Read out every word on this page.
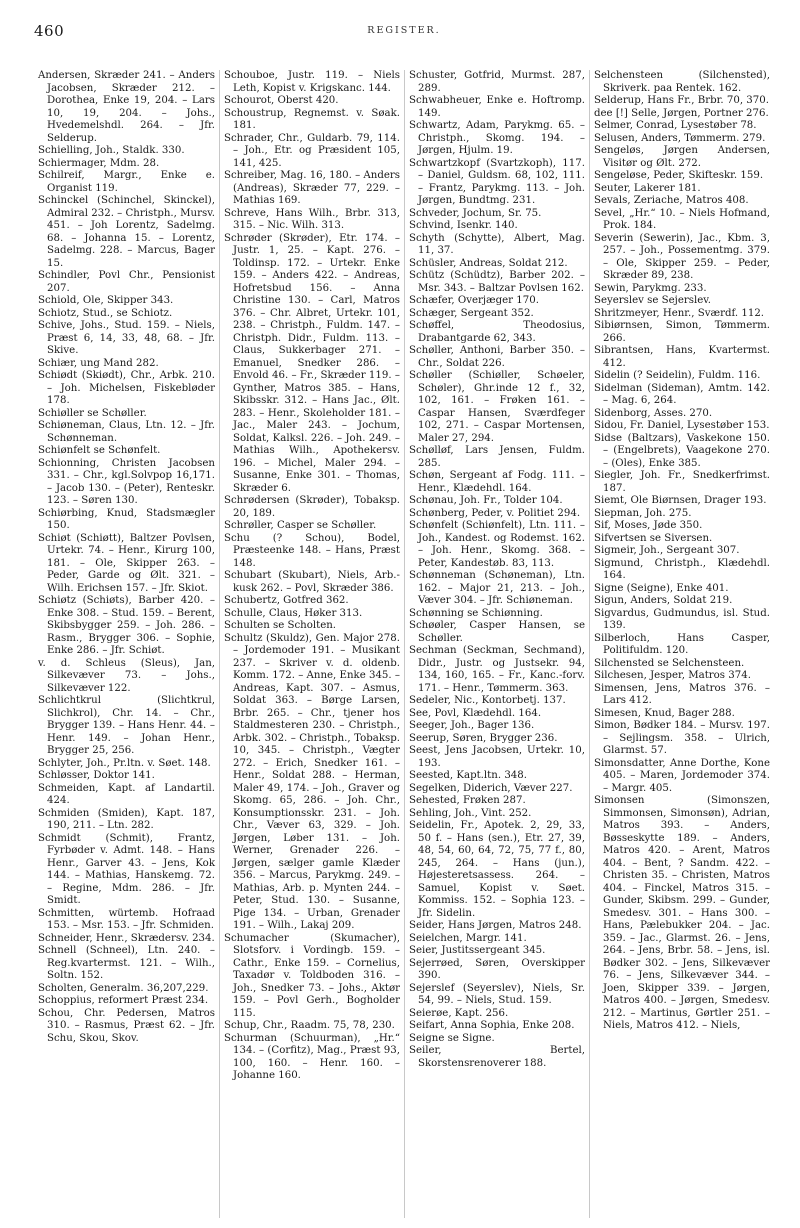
460	REGISTER.
Andersen, Skræder 241. – Anders Jacobsen, Skræder 212. – Dorothea, Enke 19, 204. – Lars 10, 19, 204. – Johs., Hvedemelshdl. 264. – Jfr. Selderup.
Schielling, Joh., Staldk. 330.
Schiermager, Mdm. 28.
Schilreif, Margr., Enke e. Organist 119.
Schinckel (Schinchel, Skinckel), Admiral 232. – Christph., Mursv. 451. – Joh Lorentz, Sadelmg. 68. – Johanna 15. – Lorentz, Sadelmg. 228. – Marcus, Bager 15.
Schindler, Povl Chr., Pensionist 207.
Schiold, Ole, Skipper 343.
Schiotz, Stud., se Schiotz.
Schive, Johs., Stud. 159. – Niels, Præst 6, 14, 33, 48, 68. – Jfr. Skive.
Schiær, ung Mand 282.
Schiødt (Skiødt), Chr., Arbk. 210. – Joh. Michelsen, Fiskebløder 178.
Schiøller se Schøller.
Schiøneman, Claus, Ltn. 12. – Jfr. Schønneman.
Schiønfelt se Schønfelt.
Schionning, Christen Jacobsen 331. – Chr., kgl.Solvpop 16,171. – Jacob 130. – (Peter), Renteskr. 123. – Søren 130.
Schiørbing, Knud, Stadsmægler 150.
Schiøt (Schiøtt), Baltzer Povlsen, Urtekr. 74. – Henr., Kirurg 100, 181. – Ole, Skipper 263. – Peder, Garde og Ølt. 321. – Wilh. Erichsen 157. – Jfr. Skiot.
Schiøtz (Schiøts), Barber 420. – Enke 308. – Stud. 159. – Berent, Skibsbygger 259. – Joh. 286. – Rasm., Brygger 306. – Sophie, Enke 286. – Jfr. Schiøt.
v. d. Schleus (Sleus), Jan, Silkevæver 73. – Johs., Silkevæver 122.
Schlichtkrul (Slichtkrul, Slichkrol), Chr. 14. – Chr., Brygger 139. – Hans Henr. 44. – Henr. 149. – Johan Henr., Brygger 25, 256.
Schlyter, Joh., Pr.ltn. v. Søet. 148.
Schløsser, Doktor 141.
Schmeiden, Kapt. af Landartil. 424.
Schmiden (Smiden), Kapt. 187, 190, 211. – Ltn. 282.
Schmidt (Schmit), Frantz, Fyrbøder v. Admt. 148. – Hans Henr., Garver 43. – Jens, Kok 144. – Mathias, Hanskemg. 72. – Regine, Mdm. 286. – Jfr. Smidt.
Schmitten, würtemb. Hofraad 153. – Msr. 153. – Jfr. Schmiden.
Schneider, Henr., Skrædersv. 234.
Schnell (Schneel), Ltn. 240. – Reg.kvartermst. 121. – Wilh., Soltn. 152.
Scholten, Generalm. 36,207,229.
Schoppius, reformert Præst 234.
Schou, Chr. Pedersen, Matros 310. – Rasmus, Præst 62. – Jfr. Schu, Skou, Skov.
Schouboe, Justr. 119. – Niels Leth, Kopist v. Krigskanc. 144.
Schourot, Oberst 420.
Schoustrup, Regnemst. v. Søak. 181.
Schrader, Chr., Guldarb. 79, 114. – Joh., Etr. og Præsident 105, 141, 425.
Schreiber, Mag. 16, 180. – Anders (Andreas), Skræder 77, 229. – Mathias 169.
Schreve, Hans Wilh., Brbr. 313, 315. – Nic. Wilh. 313.
Schrøder (Skrøder), Etr. 174. – Justr. 1, 25. – Kapt. 276. – Toldinsp. 172. – Urtekr. Enke 159. – Anders 422. – Andreas, Hofretsbud 156. – Anna Christine 130. – Carl, Matros 376. – Chr. Albret, Urtekr. 101, 238. – Christph., Fuldm. 147. – Christph. Didr., Fuldm. 113. – Claus, Sukkerbager 271. – Emanuel, Snedker 286. – Envold 46. – Fr., Skræder 119. – Gynther, Matros 385. – Hans, Skibsskr. 312. – Hans Jac., Ølt. 283. – Henr., Skoleholder 181. – Jac., Maler 243. – Jochum, Soldat, Kalksl. 226. – Joh. 249. – Mathias Wilh., Apothekersv. 196. – Michel, Maler 294. – Susanne, Enke 301. – Thomas, Skræder 6.
Schrødersen (Skrøder), Tobaksp. 20, 189.
Schrøller, Casper se Schøller.
Schu (? Schou), Bodel, Præsteenke 148. – Hans, Præst 148.
Schubart (Skubart), Niels, Arb.-kusk 262. – Povl, Skræder 386.
Schubertz, Gotfred 362.
Schulle, Claus, Høker 313.
Schulten se Scholten.
Schultz (Skuldz), Gen. Major 278. – Jordemoder 191. – Musikant 237. – Skriver v. d. oldenb. Komm. 172. – Anne, Enke 345. – Andreas, Kapt. 307. – Asmus, Soldat 363. – Børge Larsen, Brbr. 265. – Chr., tjener hos Staldmesteren 230. – Christph., Arbk. 302. – Christph., Tobaksp. 10, 345. – Christph., Vægter 272. – Erich, Snedker 161. – Henr., Soldat 288. – Herman, Maler 49, 174. – Joh., Graver og Skomg. 65, 286. – Joh. Chr., Konsumptionsskr. 231. – Joh. Chr., Væver 63, 329. – Joh. Jørgen, Løber 131. – Joh. Werner, Grenader 226. – Jørgen, sælger gamle Klæder 356. – Marcus, Parykmg. 249. – Mathias, Arb. p. Mynten 244. – Peter, Stud. 130. – Susanne, Pige 134. – Urban, Grenader 191. – Wilh., Lakaj 209.
Schumacher (Skumacher), Slotsforv. i Vordingb. 159. – Cathr., Enke 159. – Cornelius, Taxadør v. Toldboden 316. – Joh., Snedker 73. – Johs., Aktør 159. – Povl Gerh., Bogholder 115.
Schup, Chr., Raadm. 75, 78, 230.
Schurman (Schuurman), „Hr.“ 134. – (Corfitz), Mag., Præst 93, 100, 160. – Henr. 160. – Johanne 160.
Schuster, Gotfrid, Murmst. 287, 289.
Schwabheuer, Enke e. Hoftromp. 149.
Schwartz, Adam, Parykmg. 65. – Christph., Skomg. 194. – Jørgen, Hjulm. 19.
Schwartzkopf (Svartzkoph), 117. – Daniel, Guldsm. 68, 102, 111. – Frantz, Parykmg. 113. – Joh. Jørgen, Bundtmg. 231.
Schveder, Jochum, Sr. 75.
Schvind, Isenkr. 140.
Schyth (Schytte), Albert, Mag. 11, 37.
Schüsler, Andreas, Soldat 212.
Schütz (Schüdtz), Barber 202. – Msr. 343. – Baltzar Povlsen 162.
Schæfer, Overjæger 170.
Schæger, Sergeant 352.
Schøffel, Theodosius, Drabantgarde 62, 343.
Schøller, Anthoni, Barber 350. – Chr., Soldat 226.
Schøller (Schiøller, Schøeler, Schøler), Ghr.inde 12 f., 32, 102, 161. – Frøken 161. – Caspar Hansen, Sværdfeger 102, 271. – Caspar Mortensen, Maler 27, 294.
Schølløf, Lars Jensen, Fuldm. 285.
Schøn, Sergeant af Fodg. 111. – Henr., Klædehdl. 164.
Schønau, Joh. Fr., Tolder 104.
Schønberg, Peder, v. Politiet 294.
Schønfelt (Schiønfelt), Ltn. 111. – Joh., Kandest. og Rodemst. 162. – Joh. Henr., Skomg. 368. – Peter, Kandestøb. 83, 113.
Schønneman (Schøneman), Ltn. 162. – Major 21, 213. – Joh., Væver 304. – Jfr. Schiøneman.
Schønning se Schiønning.
Schøøler, Casper Hansen, se Schøller.
Sechman (Seckman, Sechmand), Didr., Justr. og Justsekr. 94, 134, 160, 165. – Fr., Kanc.-forv. 171. – Henr., Tømmerm. 363.
Sedeler, Nic., Kontorbetj. 137.
See, Povl, Klædehdl. 164.
Seeger, Joh., Bager 136.
Seerup, Søren, Brygger 236.
Seest, Jens Jacobsen, Urtekr. 10, 193.
Seested, Kapt.ltn. 348.
Segelken, Diderich, Væver 227.
Sehested, Frøken 287.
Sehling, Joh., Vint. 252.
Seidelin, Fr., Apotek. 2, 29, 33, 50 f. – Hans (sen.), Etr. 27, 39, 48, 54, 60, 64, 72, 75, 77 f., 80, 245, 264. – Hans (jun.), Højesteretsassess. 264. – Samuel, Kopist v. Søet. Kommiss. 152. – Sophia 123. – Jfr. Sidelin.
Seider, Hans Jørgen, Matros 248.
Seielchen, Margr. 141.
Seier, Justitssergeant 345.
Sejerrøed, Søren, Overskipper 390.
Sejerslef (Seyerslev), Niels, Sr. 54, 99. – Niels, Stud. 159.
Seierøe, Kapt. 256.
Seifart, Anna Sophia, Enke 208.
Seigne se Signe.
Seiler, Bertel, Skorstensrenoverer 188.
Selchensteen (Silchensted), Skriverk. paa Rentek. 162.
Selderup, Hans Fr., Brbr. 70, 370.
dee [!] Selle, Jørgen, Portner 276.
Selmer, Conrad, Lysestøber 78.
Selusen, Anders, Tømmerm. 279.
Sengeløs, Jørgen Andersen, Visitør og Ølt. 272.
Sengeløse, Peder, Skifteskr. 159.
Seuter, Lakerer 181.
Sevals, Zeriache, Matros 408.
Sevel, „Hr.“ 10. – Niels Hofmand, Prok. 184.
Severin (Sewerin), Jac., Kbm. 3, 257. – Joh., Possementmg. 379. – Ole, Skipper 259. – Peder, Skræder 89, 238.
Sewin, Parykmg. 233.
Seyerslev se Sejerslev.
Shritzmeyer, Henr., Sværdf. 112.
Sibiørnsen, Simon, Tømmerm. 266.
Sibrantsen, Hans, Kvartermst. 412.
Sidelin (? Seidelin), Fuldm. 116.
Sidelman (Sideman), Amtm. 142. – Mag. 6, 264.
Sidenborg, Asses. 270.
Sidou, Fr. Daniel, Lysestøber 153.
Sidse (Baltzars), Vaskekone 150. – (Engelbrets), Vaagekone 270. – (Oles), Enke 385.
Siegler, Joh. Fr., Snedkerfrimst. 187.
Siemt, Ole Biørnsen, Drager 193.
Siepman, Joh. 275.
Sif, Moses, Jøde 350.
Sifvertsen se Siversen.
Sigmeir, Joh., Sergeant 307.
Sigmund, Christph., Klædehdl. 164.
Signe (Seigne), Enke 401.
Sigun, Anders, Soldat 219.
Sigvardus, Gudmundus, isl. Stud. 139.
Silberloch, Hans Casper, Politifuldm. 120.
Silchensted se Selchensteen.
Silchesen, Jesper, Matros 374.
Simensen, Jens, Matros 376. – Lars 412.
Simesen, Knud, Bager 288.
Simon, Bødker 184. – Mursv. 197. – Sejlingsm. 358. – Ulrich, Glarmst. 57.
Simonsdatter, Anne Dorthe, Kone 405. – Maren, Jordemoder 374. – Margr. 405.
Simonsen (Simonszen, Simmonsen, Simonsøn), Adrian, Matros 393. – Anders, Bøsseskytte 189. – Anders, Matros 420. – Arent, Matros 404. – Bent, ? Sandm. 422. – Christen 35. – Christen, Matros 404. – Finckel, Matros 315. – Gunder, Skibsm. 299. – Gunder, Smedesv. 301. – Hans 300. – Hans, Pælebukker 204. – Jac. 359. – Jac., Glarmst. 26. – Jens, 264. – Jens, Brbr. 58. – Jens, isl. Bødker 302. – Jens, Silkevæver 76. – Jens, Silkevæver 344. – Joen, Skipper 339. – Jørgen, Matros 400. – Jørgen, Smedesv. 212. – Martinus, Gørtler 251. – Niels, Matros 412. – Niels,
